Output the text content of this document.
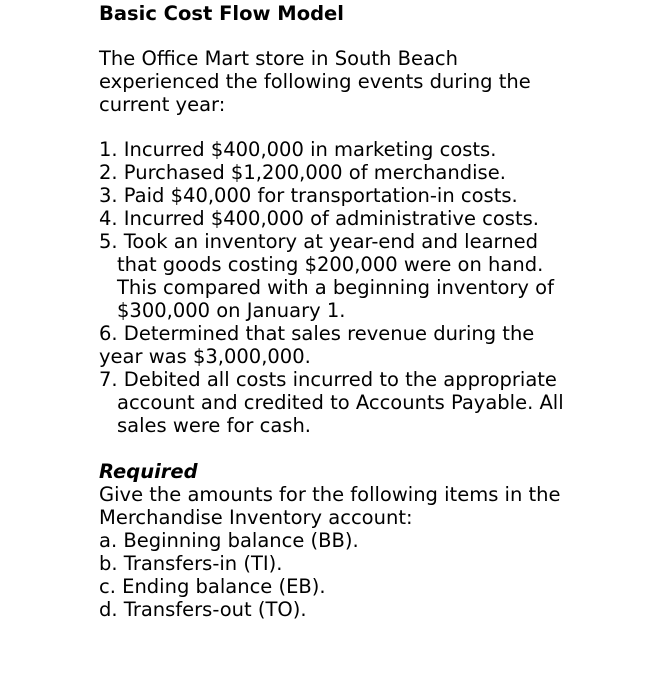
Basic Cost Flow Model

The Office Mart store in South Beach experienced the following events during the current year:

1. Incurred $400,000 in marketing costs.
2. Purchased $1,200,000 of merchandise.
3. Paid $40,000 for transportation-in costs.
4. Incurred $400,000 of administrative costs.
5. Took an inventory at year-end and learned that goods costing $200,000 were on hand. This compared with a beginning inventory of $300,000 on January 1.
6. Determined that sales revenue during the year was $3,000,000.
7. Debited all costs incurred to the appropriate account and credited to Accounts Payable. All sales were for cash.
Required

Give the amounts for the following items in the Merchandise Inventory account:

a. Beginning balance (BB).
b. Transfers-in (TI).
c. Ending balance (EB).
d. Transfers-out (TO).
